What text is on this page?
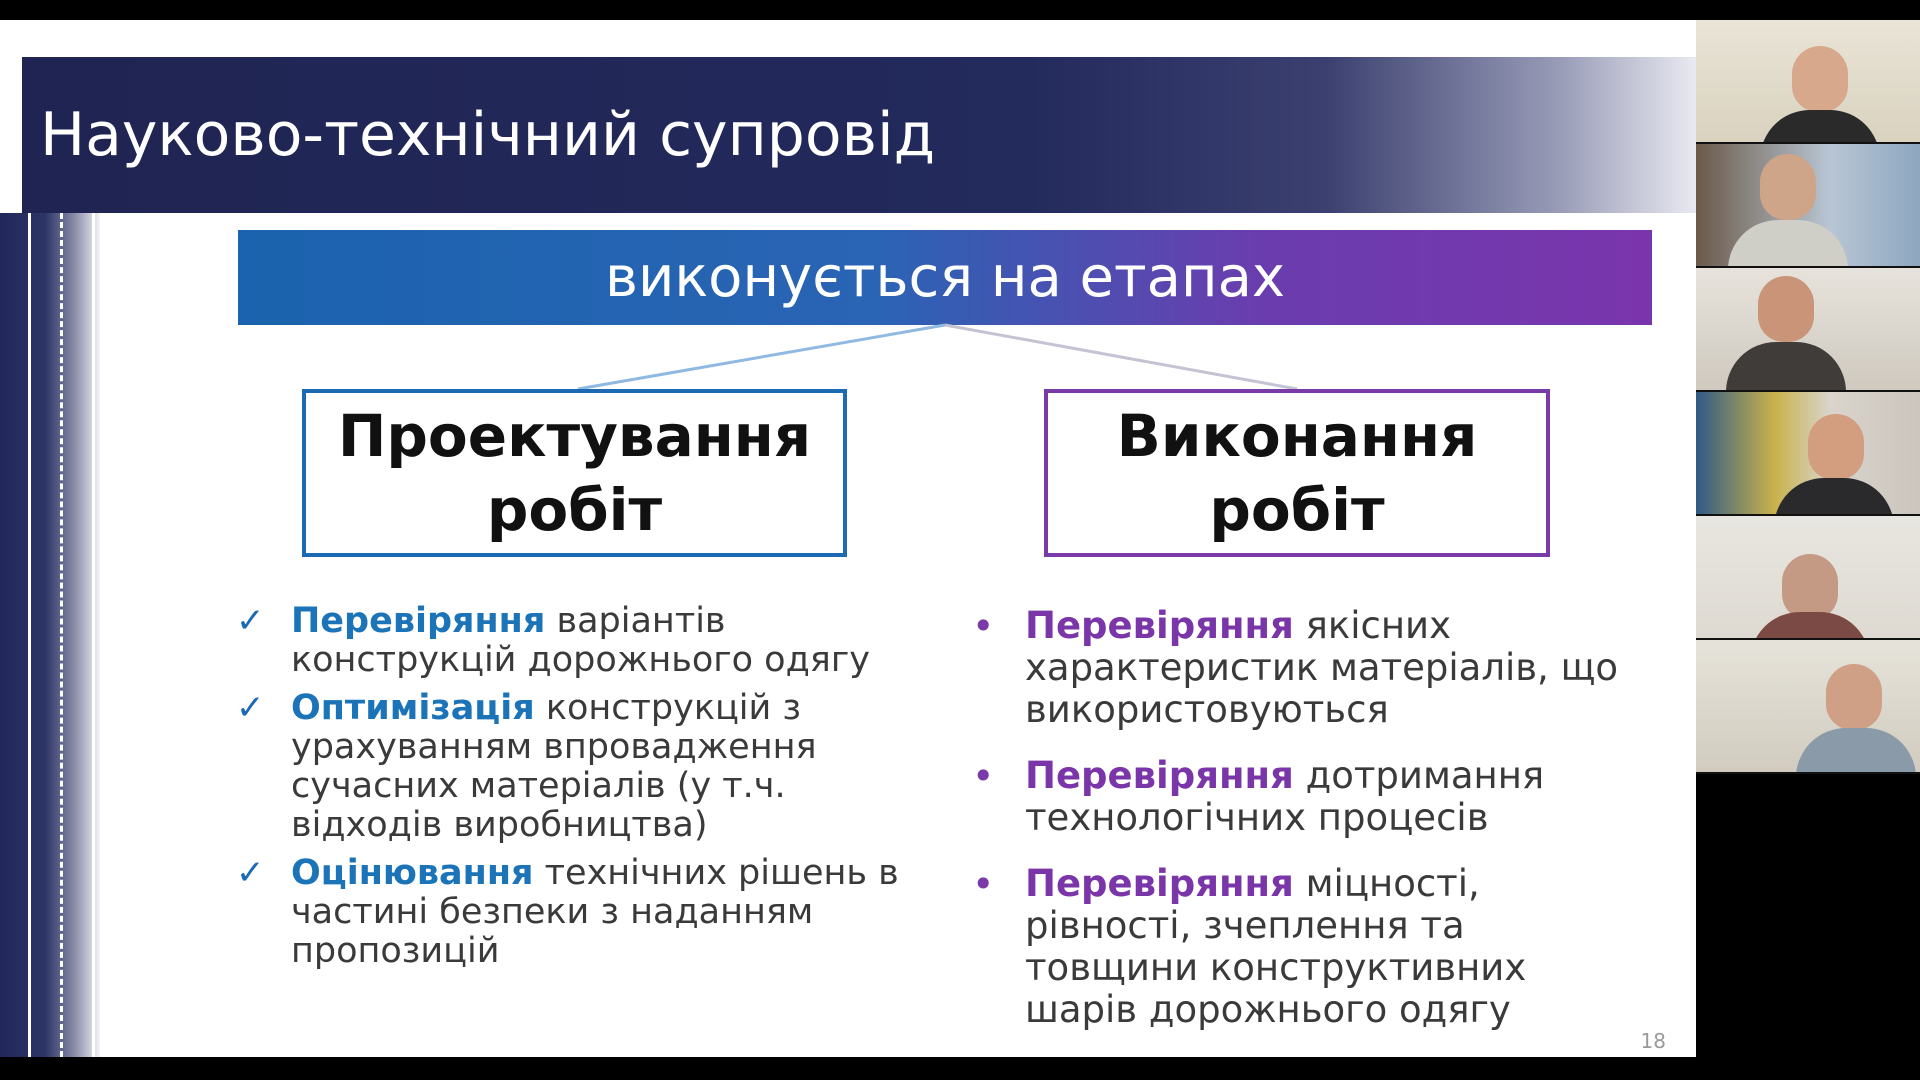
Науково-технічний супровід
виконується на етапах
Проектування
робіт
Виконання
робіт
✓ Перевіряння варіантів конструкцій дорожнього одягу
✓ Оптимізація конструкцій з урахуванням впровадження сучасних матеріалів (у т.ч. відходів виробництва)
✓ Оцінювання технічних рішень в частині безпеки з наданням пропозицій
• Перевіряння якісних характеристик матеріалів, що використовуються
• Перевіряння дотримання технологічних процесів
• Перевіряння міцності, рівності, зчеплення та товщини конструктивних шарів дорожнього одягу
18
